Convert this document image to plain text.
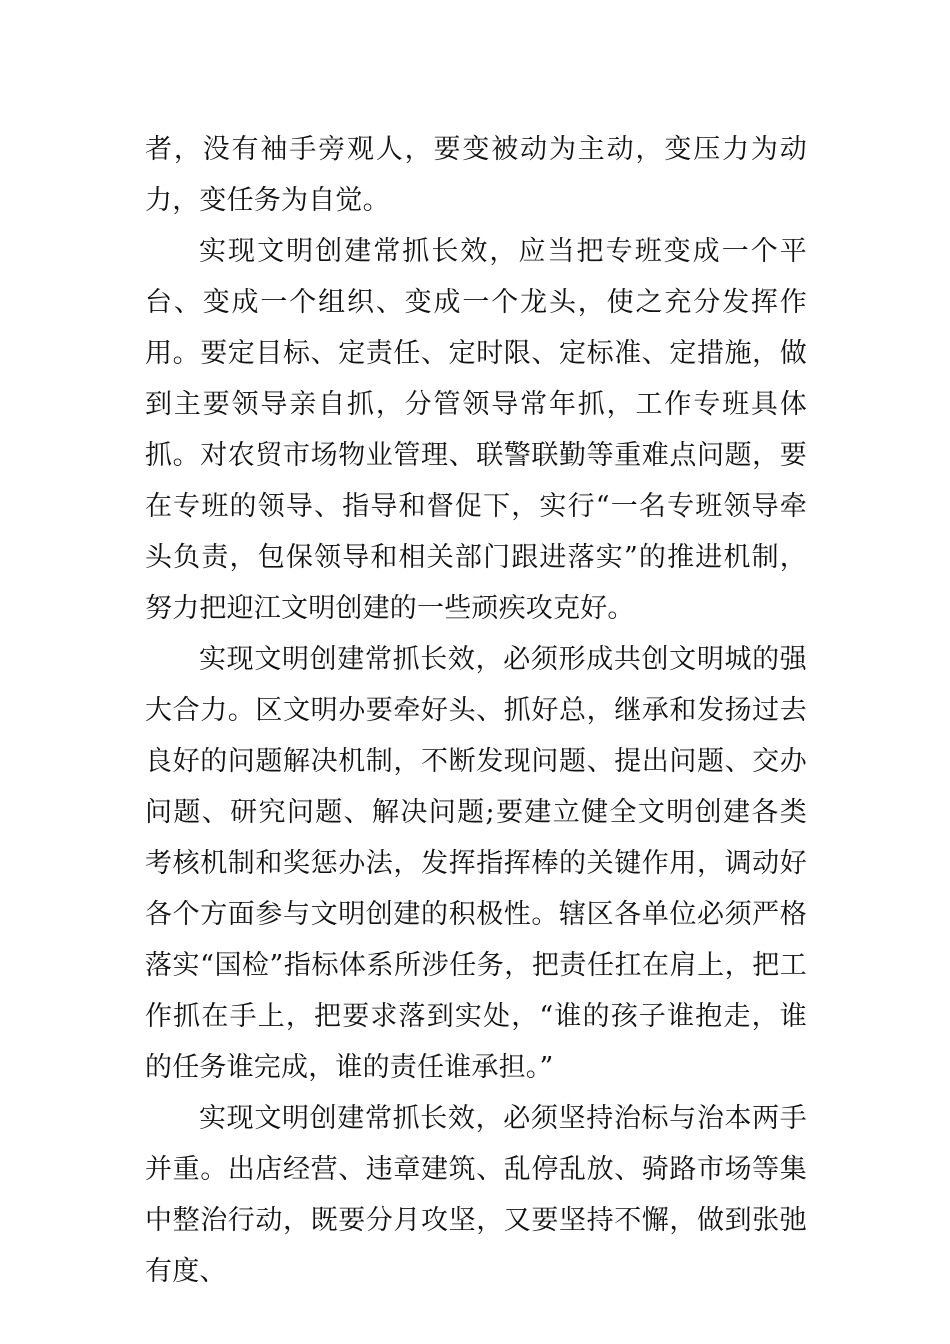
者，没有袖手旁观人，要变被动为主动，变压力为动力，变任务为自觉。

实现文明创建常抓长效，应当把专班变成一个平台、变成一个组织、变成一个龙头，使之充分发挥作用。要定目标、定责任、定时限、定标准、定措施，做到主要领导亲自抓，分管领导常年抓，工作专班具体抓。对农贸市场物业管理、联警联勤等重难点问题，要在专班的领导、指导和督促下，实行“一名专班领导牵头负责，包保领导和相关部门跟进落实”的推进机制，努力把迎江文明创建的一些顽疾攻克好。

实现文明创建常抓长效，必须形成共创文明城的强大合力。区文明办要牵好头、抓好总，继承和发扬过去良好的问题解决机制，不断发现问题、提出问题、交办问题、研究问题、解决问题;要建立健全文明创建各类考核机制和奖惩办法，发挥指挥棒的关键作用，调动好各个方面参与文明创建的积极性。辖区各单位必须严格落实“国检”指标体系所涉任务，把责任扛在肩上，把工作抓在手上，把要求落到实处，“谁的孩子谁抱走，谁的任务谁完成，谁的责任谁承担。”

实现文明创建常抓长效，必须坚持治标与治本两手并重。出店经营、违章建筑、乱停乱放、骑路市场等集中整治行动，既要分月攻坚，又要坚持不懈，做到张弛有度、
